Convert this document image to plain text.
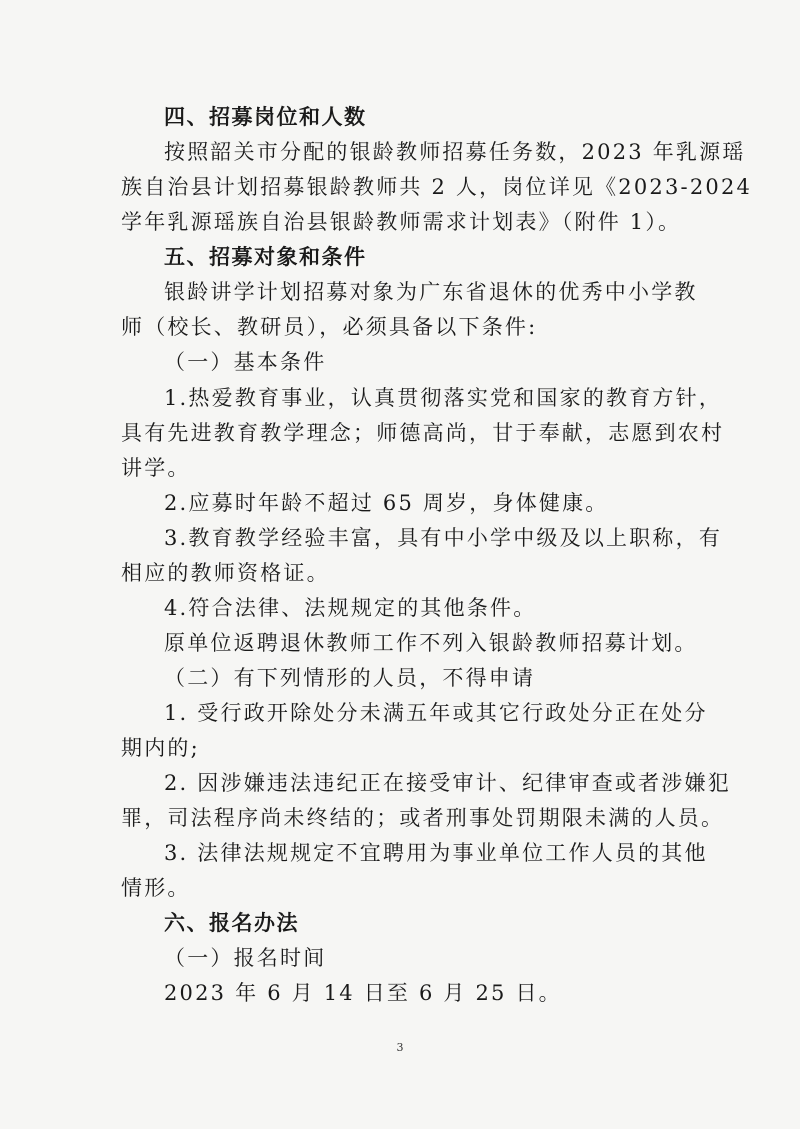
四、招募岗位和人数
按照韶关市分配的银龄教师招募任务数，2023 年乳源瑶
族自治县计划招募银龄教师共 2 人，岗位详见《2023-2024
学年乳源瑶族自治县银龄教师需求计划表》（附件 1）。
五、招募对象和条件
银龄讲学计划招募对象为广东省退休的优秀中小学教
师（校长、教研员），必须具备以下条件:
（一）基本条件
1.热爱教育事业，认真贯彻落实党和国家的教育方针，
具有先进教育教学理念；师德高尚，甘于奉献，志愿到农村
讲学。
2.应募时年龄不超过 65 周岁，身体健康。
3.教育教学经验丰富，具有中小学中级及以上职称，有
相应的教师资格证。
4.符合法律、法规规定的其他条件。
原单位返聘退休教师工作不列入银龄教师招募计划。
（二）有下列情形的人员，不得申请
1. 受行政开除处分未满五年或其它行政处分正在处分
期内的;
2. 因涉嫌违法违纪正在接受审计、纪律审查或者涉嫌犯
罪，司法程序尚未终结的；或者刑事处罚期限未满的人员。
3. 法律法规规定不宜聘用为事业单位工作人员的其他
情形。
六、报名办法
（一）报名时间
2023 年 6 月 14 日至 6 月 25 日。
3
